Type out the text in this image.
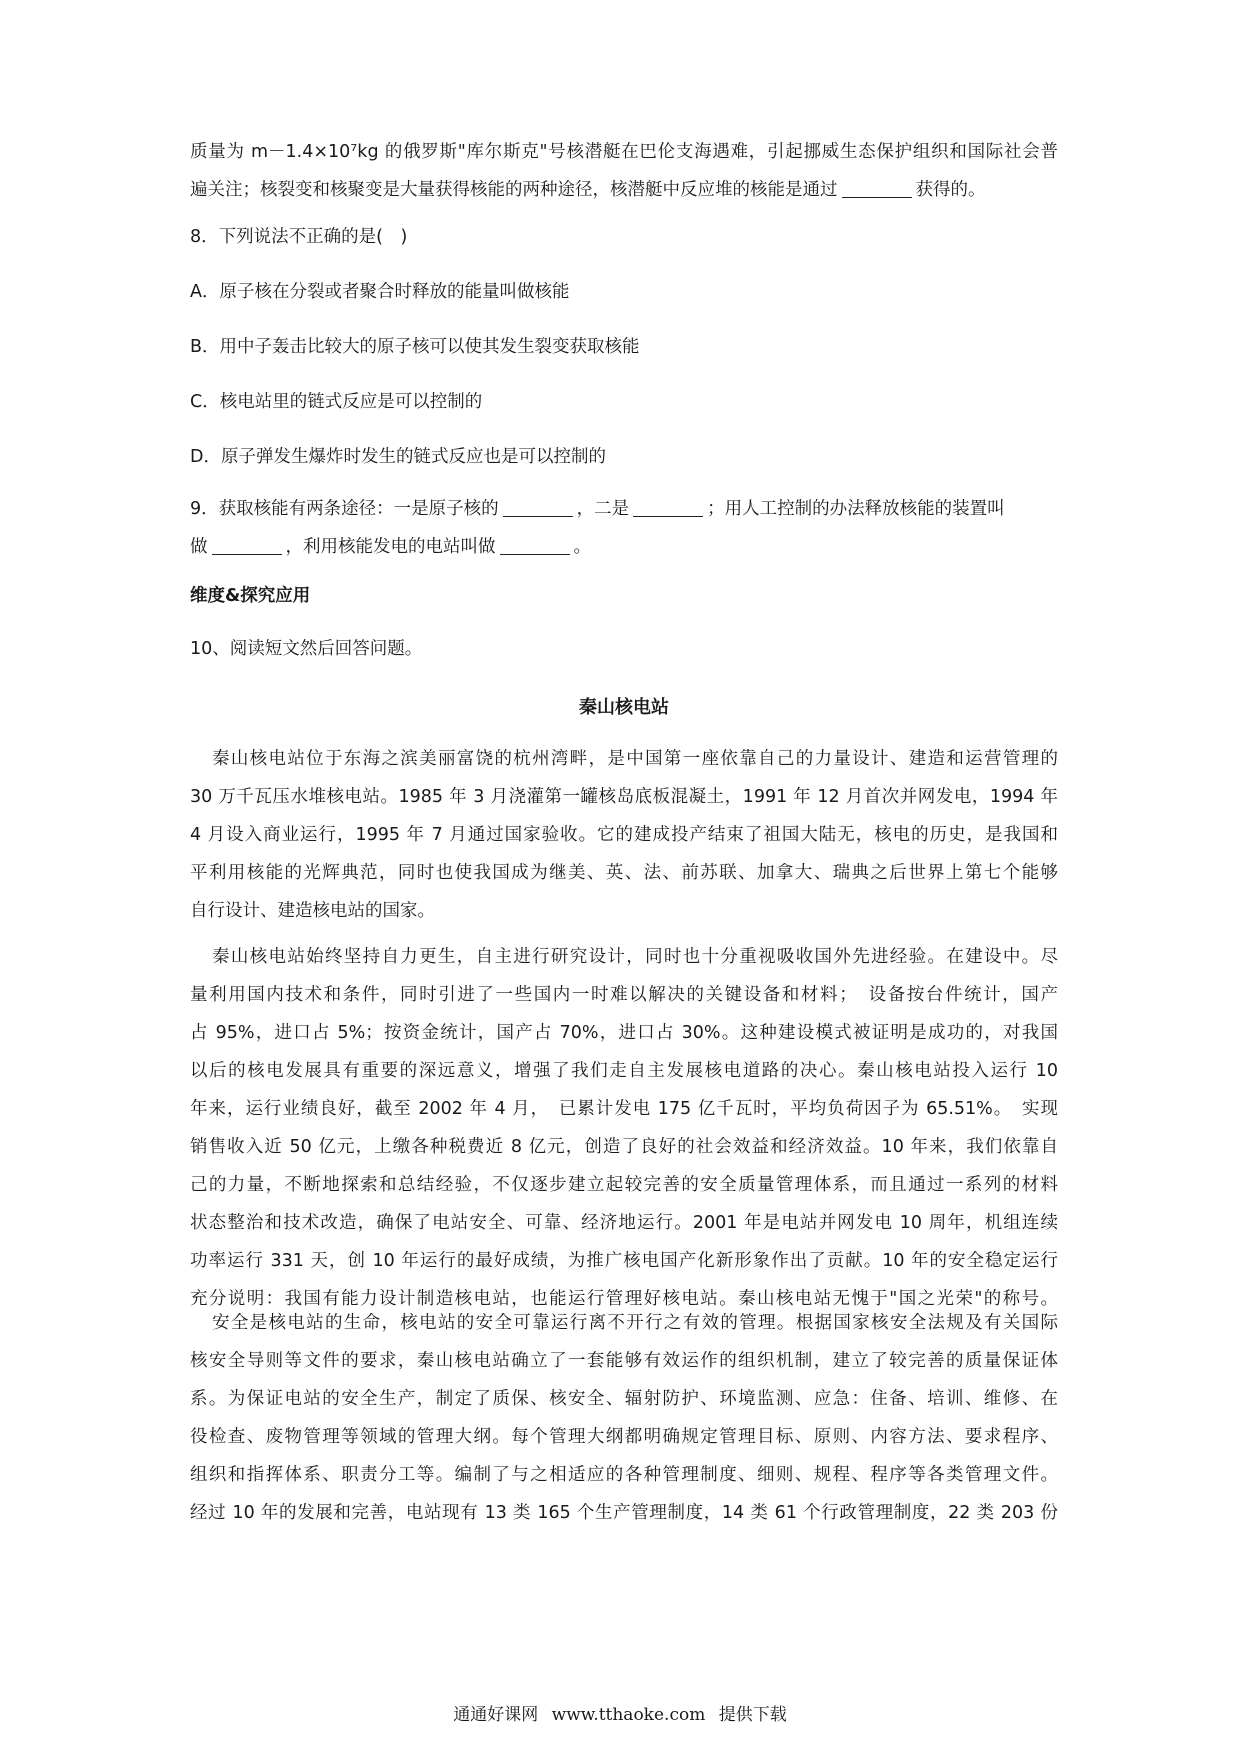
质量为 m－1.4×10⁷kg 的俄罗斯"库尔斯克"号核潜艇在巴伦支海遇难，引起挪威生态保护组织和国际社会普
遍关注；核裂变和核聚变是大量获得核能的两种途径，核潜艇中反应堆的核能是通过	获得的。
8．下列说法不正确的是(　)
A．原子核在分裂或者聚合时释放的能量叫做核能
B．用中子轰击比较大的原子核可以使其发生裂变获取核能
C．核电站里的链式反应是可以控制的
D．原子弹发生爆炸时发生的链式反应也是可以控制的
9．获取核能有两条途径：一是原子核的	，二是	；用人工控制的办法释放核能的装置叫
做	，利用核能发电的电站叫做	。
维度&探究应用
10、阅读短文然后回答问题。
秦山核电站
秦山核电站位于东海之滨美丽富饶的杭州湾畔，是中国第一座依靠自己的力量设计、建造和运营管理的
30 万千瓦压水堆核电站。1985 年 3 月浇灌第一罐核岛底板混凝土，1991 年 12 月首次并网发电，1994 年
4 月设入商业运行，1995 年 7 月通过国家验收。它的建成投产结束了祖国大陆无，核电的历史，是我国和
平利用核能的光辉典范，同时也使我国成为继美、英、法、前苏联、加拿大、瑞典之后世界上第七个能够
自行设计、建造核电站的国家。
秦山核电站始终坚持自力更生，自主进行研究设计，同时也十分重视吸收国外先进经验。在建设中。尽
量利用国内技术和条件，同时引进了一些国内一时难以解决的关键设备和材料；　设备按台件统计，国产
占 95%，进口占 5%；按资金统计，国产占 70%，进口占 30%。这种建设模式被证明是成功的，对我国
以后的核电发展具有重要的深远意义，增强了我们走自主发展核电道路的决心。秦山核电站投入运行 10
年来，运行业绩良好，截至 2002 年 4 月，　已累计发电 175 亿千瓦时，平均负荷因子为 65.51%。　实现
销售收入近 50 亿元，上缴各种税费近 8 亿元，创造了良好的社会效益和经济效益。10 年来，我们依靠自
己的力量，不断地探索和总结经验，不仅逐步建立起较完善的安全质量管理体系，而且通过一系列的材料
状态整治和技术改造，确保了电站安全、可靠、经济地运行。2001 年是电站并网发电 10 周年，机组连续
功率运行 331 天，创 10 年运行的最好成绩，为推广核电国产化新形象作出了贡献。10 年的安全稳定运行
充分说明：我国有能力设计制造核电站，也能运行管理好核电站。秦山核电站无愧于"国之光荣"的称号。
安全是核电站的生命，核电站的安全可靠运行离不开行之有效的管理。根据国家核安全法规及有关国际
核安全导则等文件的要求，秦山核电站确立了一套能够有效运作的组织机制，建立了较完善的质量保证体
系。为保证电站的安全生产，制定了质保、核安全、辐射防护、环境监测、应急：住备、培训、维修、在
役检查、废物管理等领域的管理大纲。每个管理大纲都明确规定管理目标、原则、内容方法、要求程序、
组织和指挥体系、职责分工等。编制了与之相适应的各种管理制度、细则、规程、程序等各类管理文件。
经过 10 年的发展和完善，电站现有 13 类 165 个生产管理制度，14 类 61 个行政管理制度，22 类 203 份
通通好课网 www.tthaoke.com 提供下载
